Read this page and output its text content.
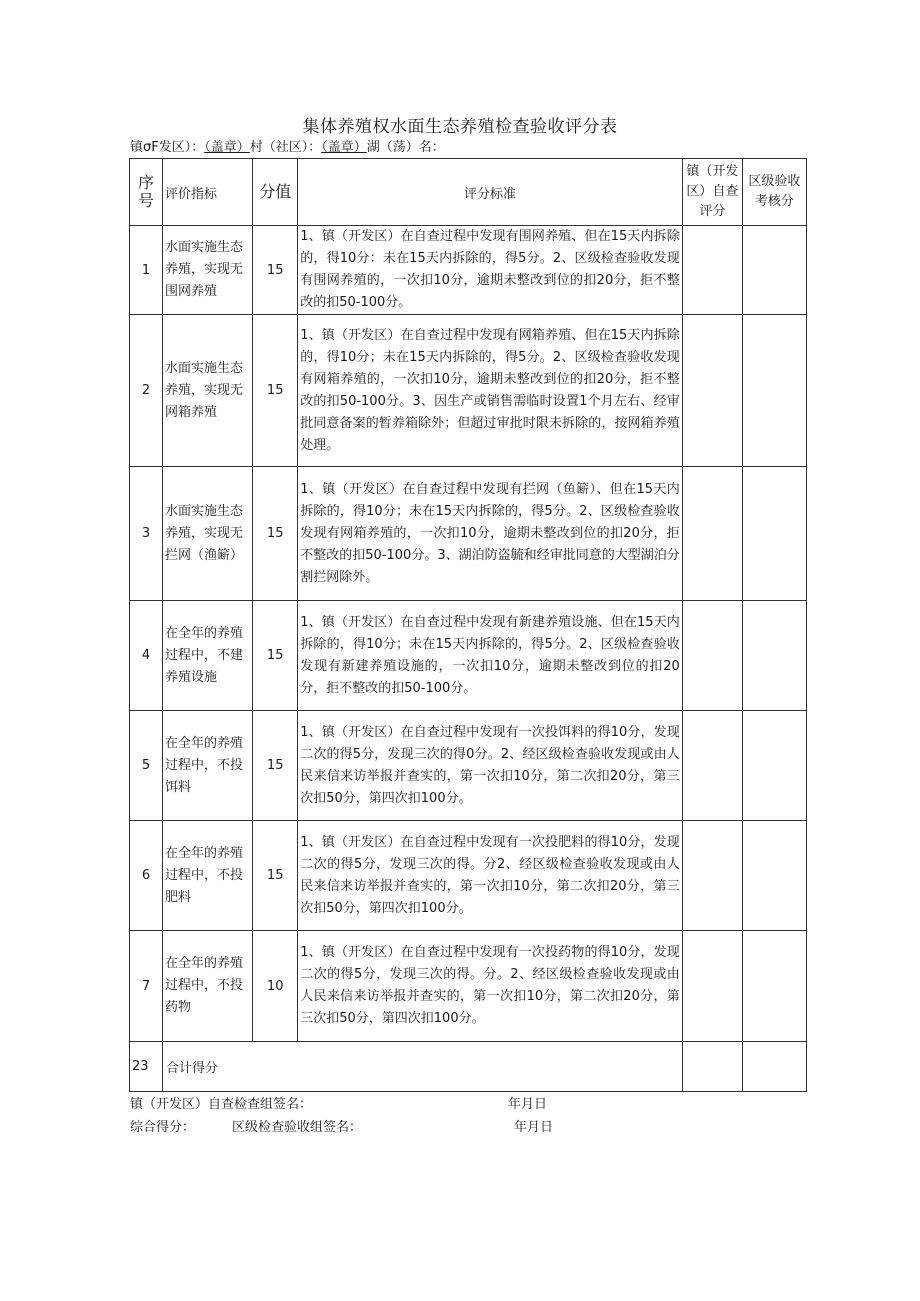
集体养殖权水面生态养殖检查验收评分表
镇σF发区）：（盖章）村（社区）：（盖章）湖（荡）名：
序号	评价指标	分值	评分标准	镇（开发区）自查评分	区级验收考核分
1	水面实施生态养殖，实现无围网养殖	15	1、镇（开发区）在自查过程中发现有围网养殖、但在15天内拆除的，得10分：未在15天内拆除的，得5分。2、区级检查验收发现有围网养殖的，一次扣10分，逾期未整改到位的扣20分，拒不整改的扣50-100分。		
2	水面实施生态养殖，实现无网箱养殖	15	1、镇（开发区）在自查过程中发现有网箱养殖、但在15天内拆除的，得10分；未在15天内拆除的，得5分。2、区级检查验收发现有网箱养殖的，一次扣10分，逾期未整改到位的扣20分，拒不整改的扣50-100分。3、因生产或销售需临时设置1个月左右、经审批同意备案的暂养箱除外；但超过审批时限未拆除的，按网箱养殖处理。		
3	水面实施生态养殖，实现无拦网（渔簖）	15	1、镇（开发区）在自查过程中发现有拦网（鱼簖）、但在15天内拆除的，得10分；未在15天内拆除的，得5分。2、区级检查验收发现有网箱养殖的，一次扣10分，逾期未整改到位的扣20分，拒不整改的扣50-100分。3、湖泊防盗毓和经审批同意的大型湖泊分割拦网除外。		
4	在全年的养殖过程中，不建养殖设施	15	1、镇（开发区）在自查过程中发现有新建养殖设施、但在15天内拆除的，得10分；未在15天内拆除的，得5分。2、区级检查验收发现有新建养殖设施的，一次扣10分，逾期未整改到位的扣20分，拒不整改的扣50-100分。		
5	在全年的养殖过程中，不投饵料	15	1、镇（开发区）在自查过程中发现有一次投饵料的得10分，发现二次的得5分，发现三次的得0分。2、经区级检查验收发现或由人民来信来访举报并查实的，第一次扣10分，第二次扣20分，第三次扣50分，第四次扣100分。		
6	在全年的养殖过程中，不投肥料	15	1、镇（开发区）在自查过程中发现有一次投肥料的得10分，发现二次的得5分，发现三次的得。分2、经区级检查验收发现或由人民来信来访举报并查实的，第一次扣10分，第二次扣20分，第三次扣50分，第四次扣100分。		
7	在全年的养殖过程中，不投药物	10	1、镇（开发区）在自查过程中发现有一次投药物的得10分，发现二次的得5分，发现三次的得。分。2、经区级检查验收发现或由人民来信来访举报并查实的，第一次扣10分，第二次扣20分，第三次扣50分，第四次扣100分。		
23	合计得分				
镇（开发区）自查检查组签名：	年月日
综合得分：	区级检查验收组签名：	年月日
